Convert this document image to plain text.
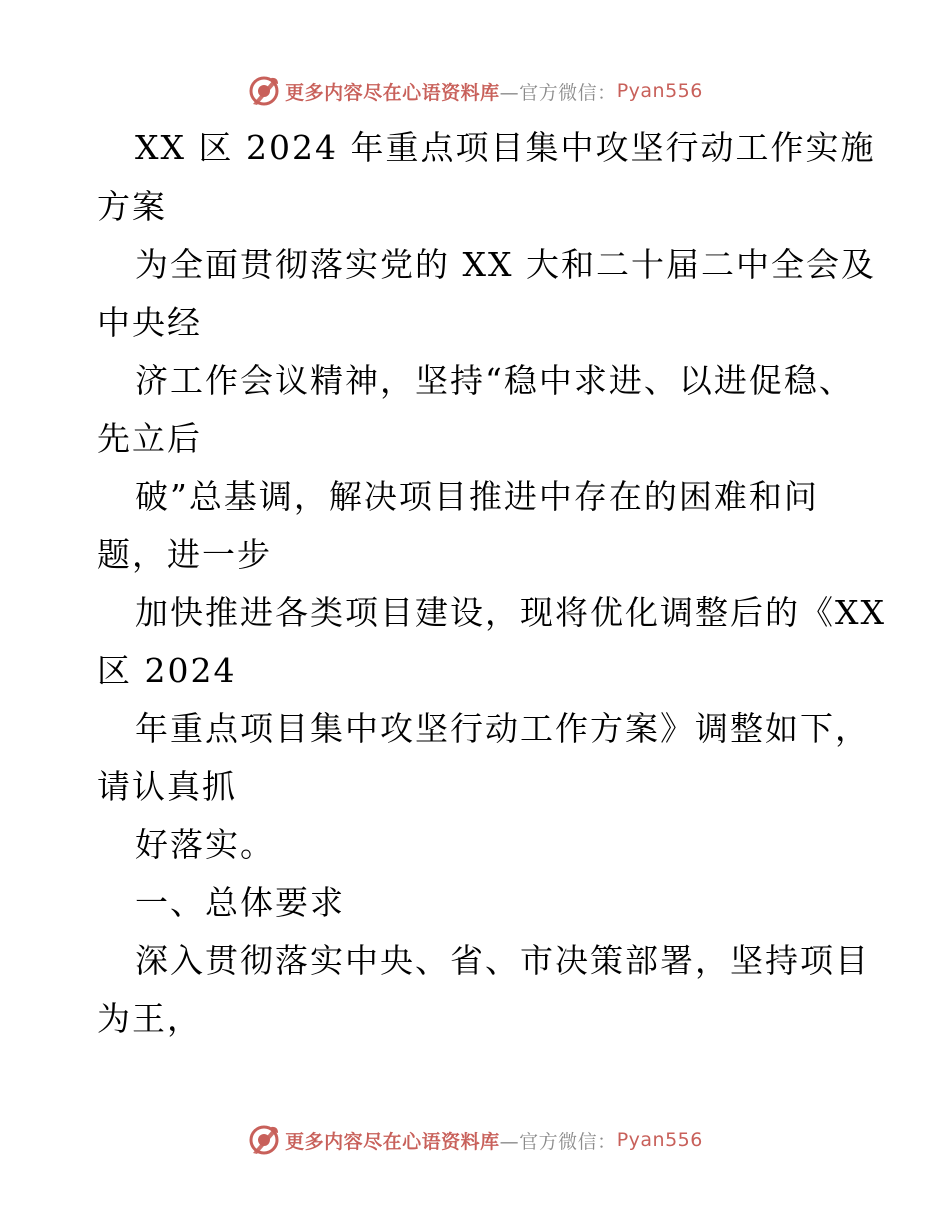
更多内容尽在心语资料库 —官方微信： Pyan556
XX 区 2024 年重点项目集中攻坚行动工作实施
方案
为全面贯彻落实党的 XX 大和二十届二中全会及
中央经
济工作会议精神，坚持“稳中求进、以进促稳、
先立后
破”总基调，解决项目推进中存在的困难和问
题，进一步
加快推进各类项目建设，现将优化调整后的《XX
区 2024
年重点项目集中攻坚行动工作方案》调整如下，
请认真抓
好落实。
一、总体要求
深入贯彻落实中央、省、市决策部署，坚持项目
为王，
更多内容尽在心语资料库 —官方微信： Pyan556
